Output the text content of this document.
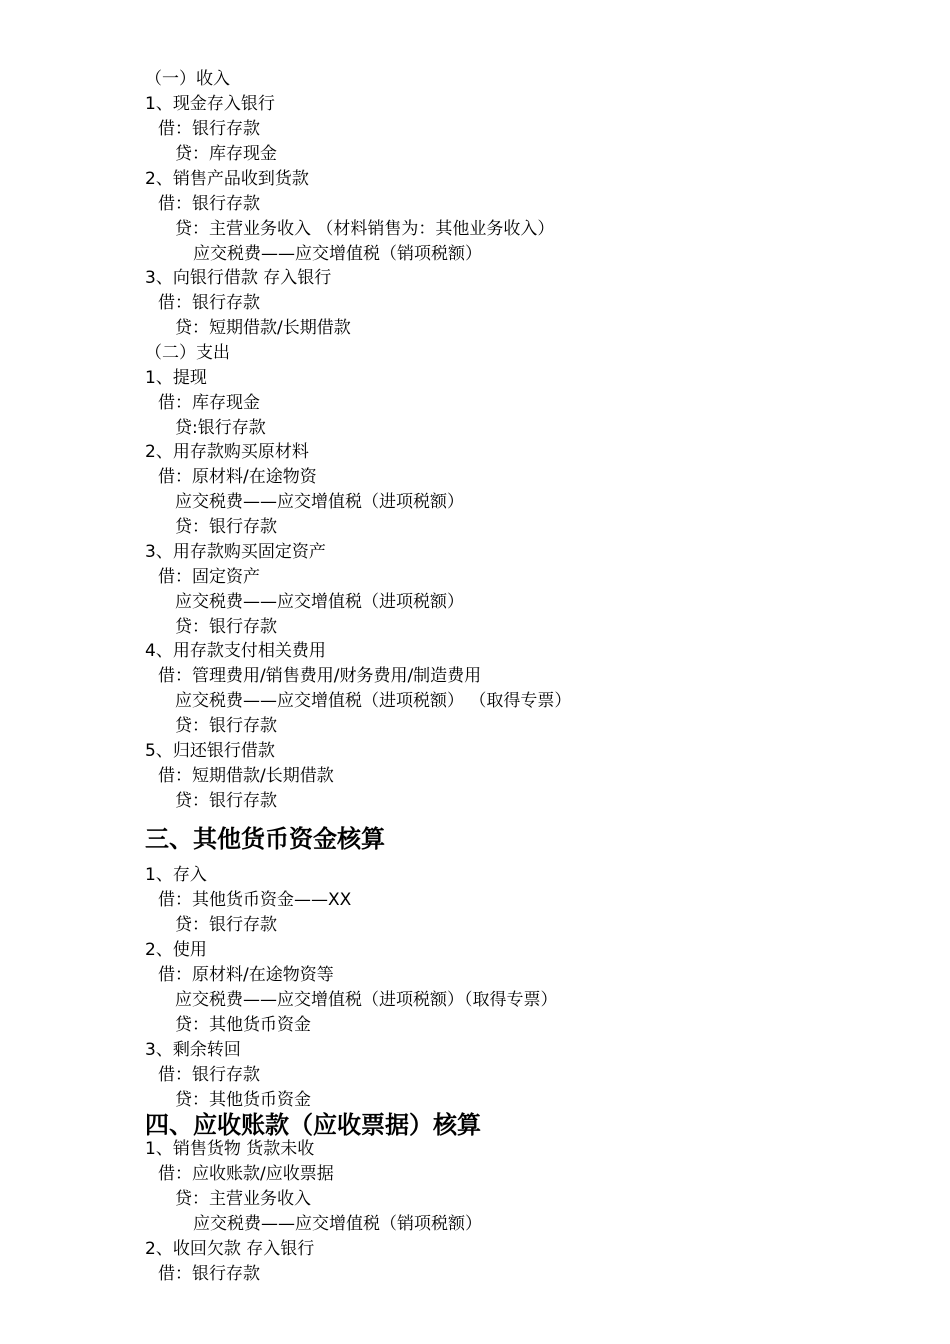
（一）收入
1、现金存入银行
借：银行存款
贷：库存现金
2、销售产品收到货款
借：银行存款
贷：主营业务收入 （材料销售为：其他业务收入）
应交税费——应交增值税（销项税额）
3、向银行借款 存入银行
借：银行存款
贷：短期借款/长期借款
（二）支出
1、提现
借：库存现金
贷:银行存款
2、用存款购买原材料
借：原材料/在途物资
应交税费——应交增值税（进项税额）
贷：银行存款
3、用存款购买固定资产
借：固定资产
应交税费——应交增值税（进项税额）
贷：银行存款
4、用存款支付相关费用
借：管理费用/销售费用/财务费用/制造费用
应交税费——应交增值税（进项税额） （取得专票）
贷：银行存款
5、归还银行借款
借：短期借款/长期借款
贷：银行存款
三、其他货币资金核算
1、存入
借：其他货币资金——XX
贷：银行存款
2、使用
借：原材料/在途物资等
应交税费——应交增值税（进项税额）（取得专票）
贷：其他货币资金
3、剩余转回
借：银行存款
贷：其他货币资金
四、应收账款（应收票据）核算
1、销售货物 货款未收
借：应收账款/应收票据
贷：主营业务收入
应交税费——应交增值税（销项税额）
2、收回欠款 存入银行
借：银行存款
